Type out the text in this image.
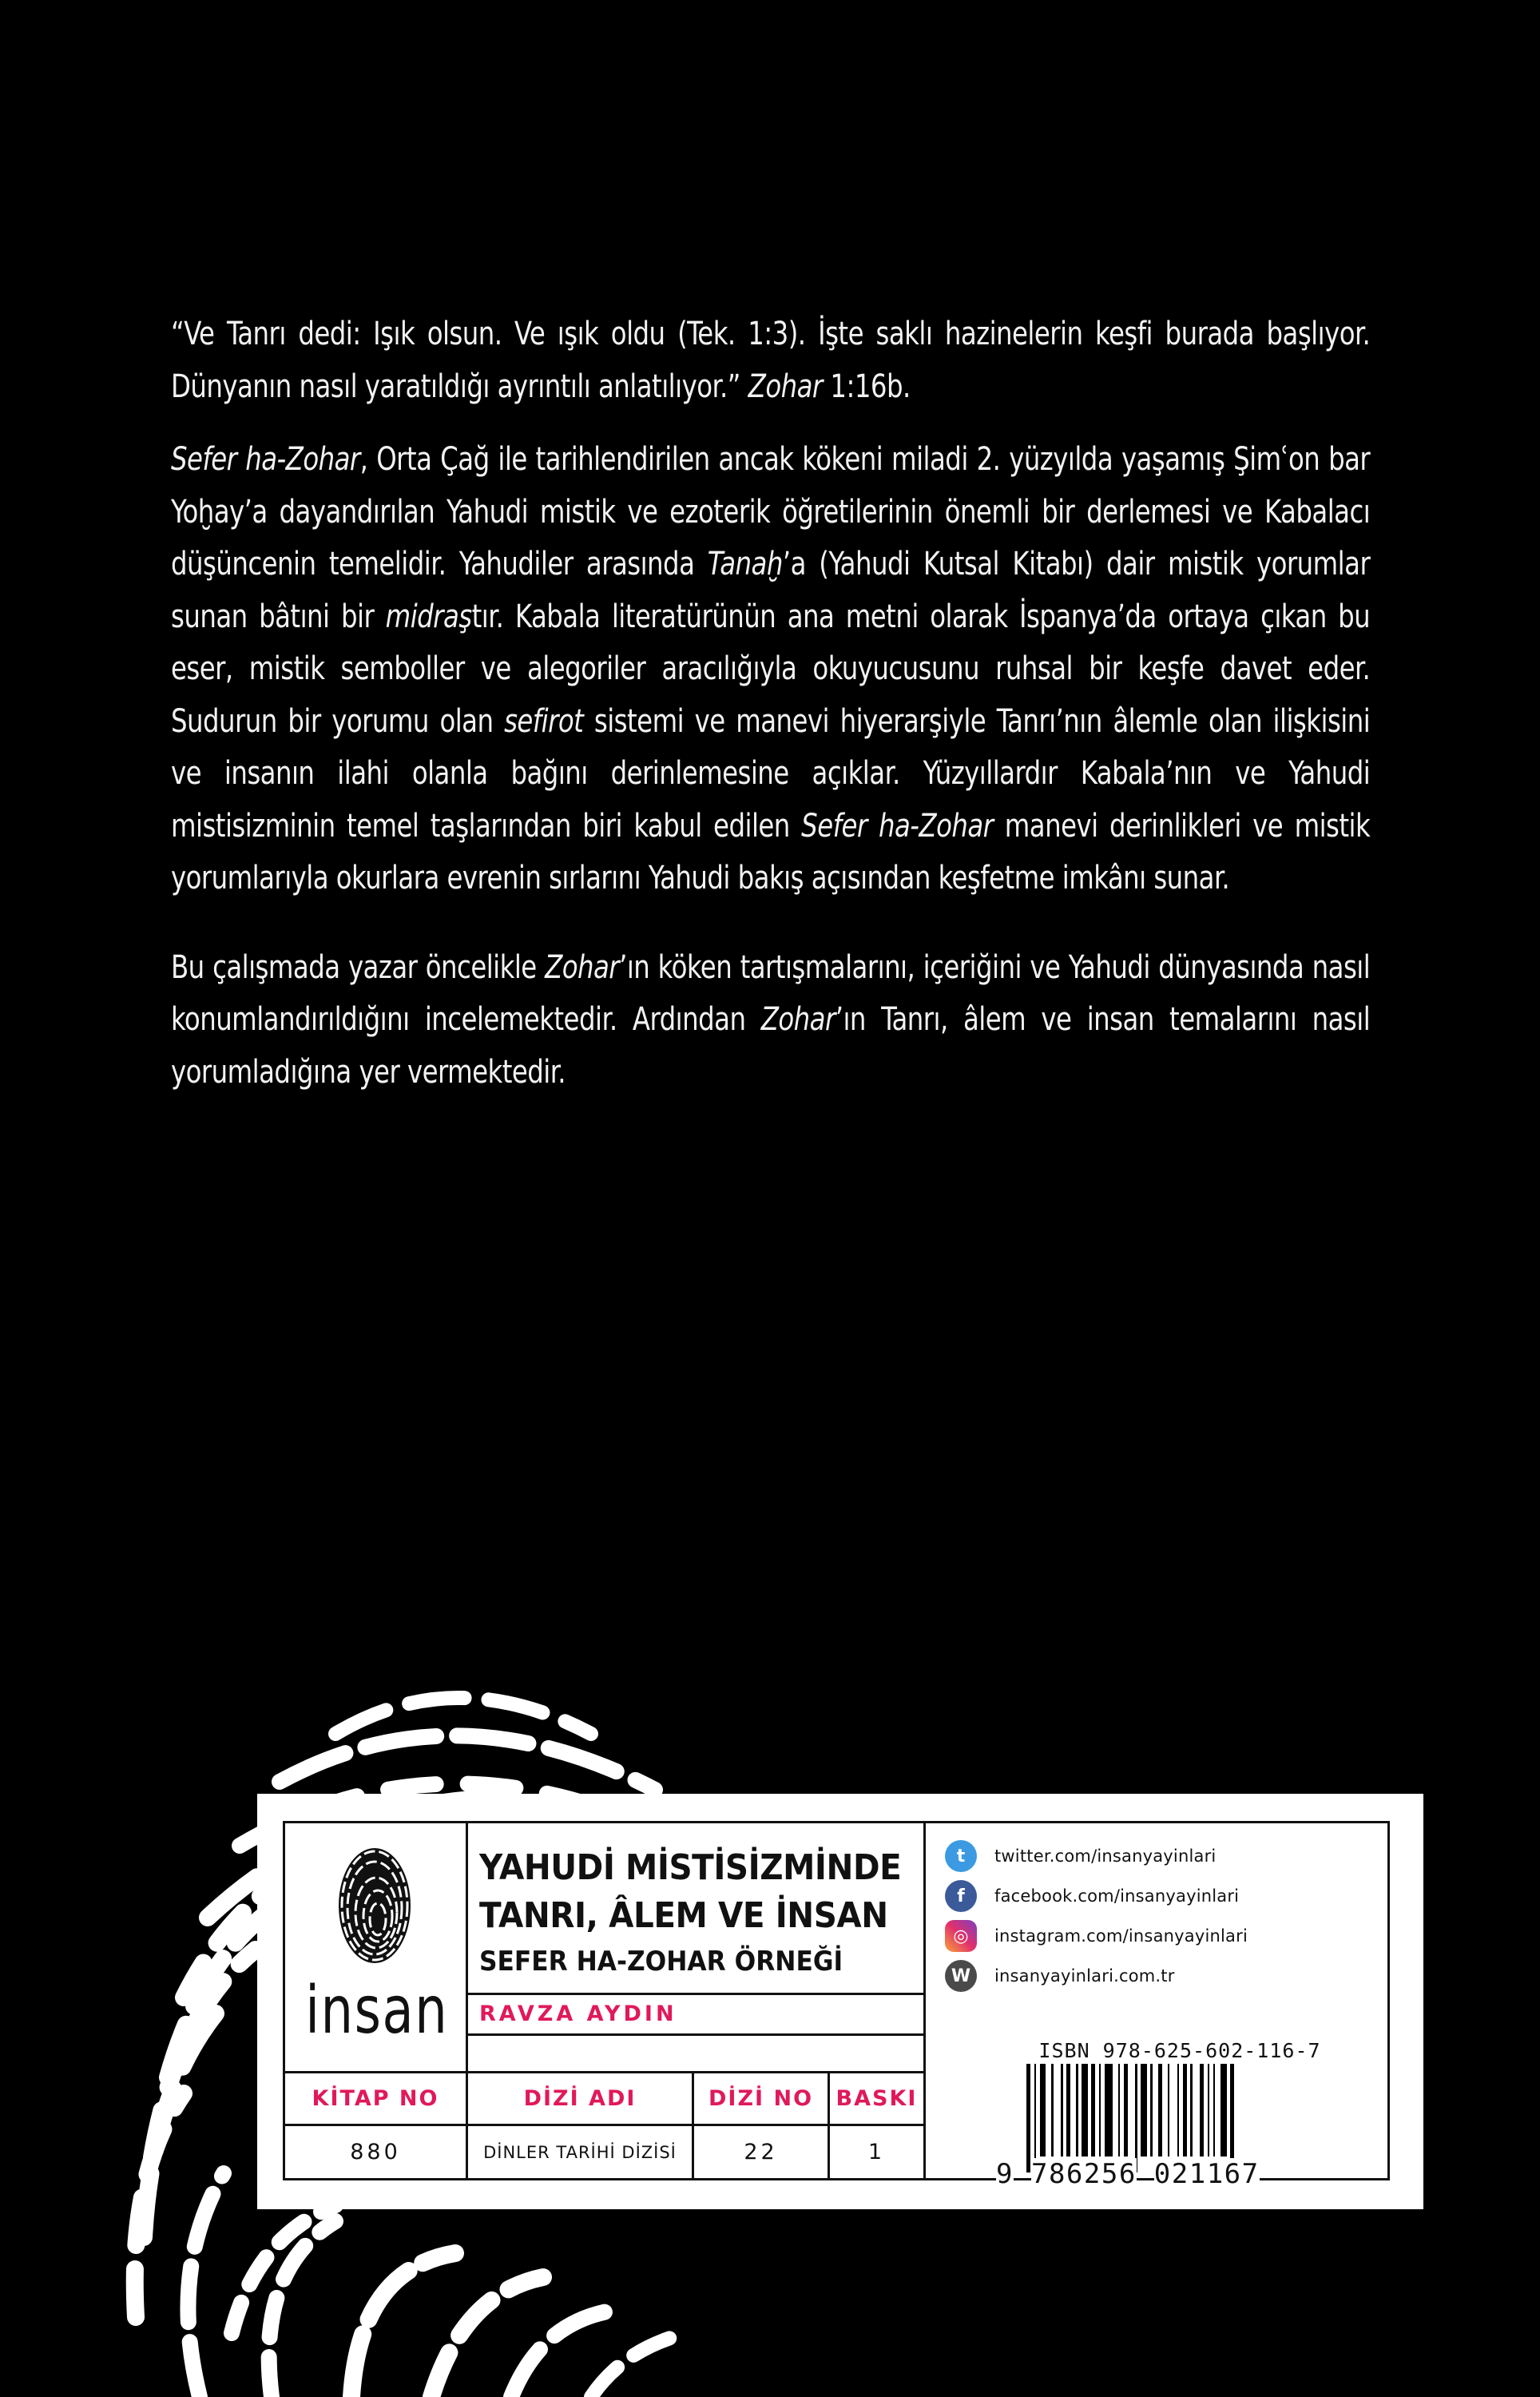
“Ve Tanrı dedi: Işık olsun. Ve ışık oldu (Tek. 1:3). İşte saklı hazinelerin keşfi burada başlıyor. Dünyanın nasıl yaratıldığı ayrıntılı anlatılıyor.” Zohar 1:16b.

Sefer ha-Zohar, Orta Çağ ile tarihlendirilen ancak kökeni miladi 2. yüzyılda yaşamış Şimʿon bar Yoḫay’a dayandırılan Yahudi mistik ve ezoterik öğretilerinin önemli bir derlemesi ve Kabalacı düşüncenin temelidir. Yahudiler arasında Tanaḫ’a (Yahudi Kutsal Kitabı) dair mistik yorumlar sunan bâtıni bir midraştır. Kabala literatürünün ana metni olarak İspanya’da ortaya çıkan bu eser, mistik semboller ve alegoriler aracılığıyla okuyucusunu ruhsal bir keşfe davet eder. Sudurun bir yorumu olan sefirot sistemi ve manevi hiyerarşiyle Tanrı’nın âlemle olan ilişkisini ve insanın ilahi olanla bağını derinlemesine açıklar. Yüzyıllardır Kabala’nın ve Yahudi mistisizminin temel taşlarından biri kabul edilen Sefer ha-Zohar manevi derinlikleri ve mistik yorumlarıyla okurlara evrenin sırlarını Yahudi bakış açısından keşfetme imkânı sunar.

Bu çalışmada yazar öncelikle Zohar’ın köken tartışmalarını, içeriğini ve Yahudi dünyasında nasıl konumlandırıldığını incelemektedir. Ardından Zohar’ın Tanrı, âlem ve insan temalarını nasıl yorumladığına yer vermektedir.

insan
YAHUDİ MİSTİSİZMİNDE
TANRI, ÂLEM VE İNSAN
SEFER HA-ZOHAR ÖRNEĞİ
RAVZA AYDIN
KİTAP NO	DİZİ ADI	DİZİ NO	BASKI
880	DİNLER TARİHİ DİZİSİ	22	1
t	twitter.com/insanyayinlari
f	facebook.com/insanyayinlari
◎	instagram.com/insanyayinlari
W	insanyayinlari.com.tr
ISBN 978-625-602-116-7
9 786256 021167
